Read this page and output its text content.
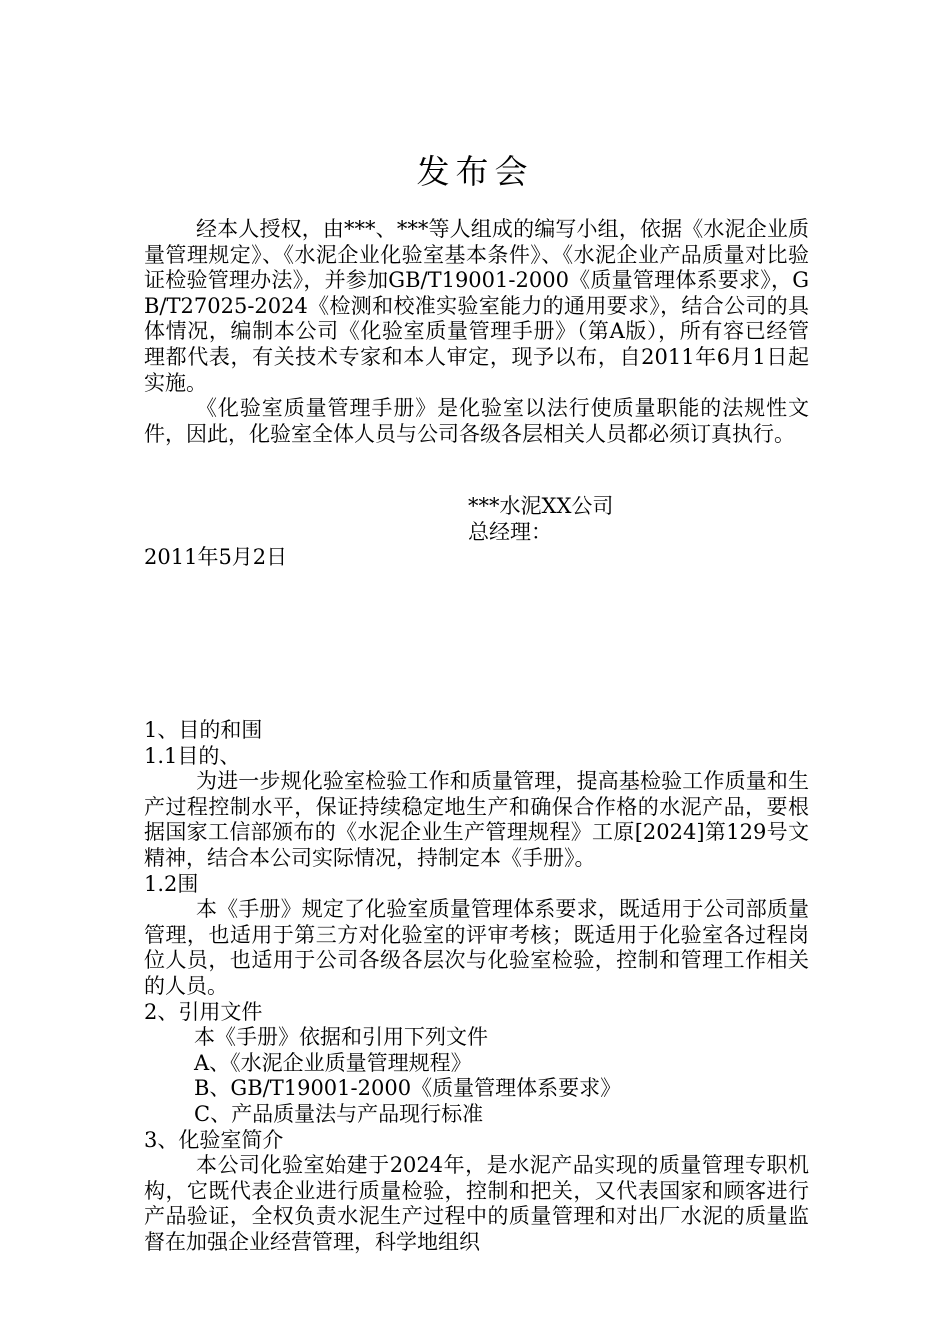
发布会

经本人授权，由***、***等人组成的编写小组，依据《水泥企业质量管理规定》、《水泥企业化验室基本条件》、《水泥企业产品质量对比验证检验管理办法》，并参加GB/T19001-2000《质量管理体系要求》，GB/T27025-2024《检测和校准实验室能力的通用要求》，结合公司的具体情况，编制本公司《化验室质量管理手册》（第A版），所有容已经管理都代表，有关技术专家和本人审定，现予以布，自2011年6月1日起实施。

《化验室质量管理手册》是化验室以法行使质量职能的法规性文件，因此，化验室全体人员与公司各级各层相关人员都必须订真执行。

***水泥XX公司
总经理：
2011年5月2日

1、目的和围

1.1目的、

为进一步规化验室检验工作和质量管理，提高基检验工作质量和生产过程控制水平，保证持续稳定地生产和确保合作格的水泥产品，要根据国家工信部颁布的《水泥企业生产管理规程》工原[2024]第129号文精神，结合本公司实际情况，持制定本《手册》。

1.2围

本《手册》规定了化验室质量管理体系要求，既适用于公司部质量管理，也适用于第三方对化验室的评审考核；既适用于化验室各过程岗位人员，也适用于公司各级各层次与化验室检验，控制和管理工作相关的人员。

2、引用文件

本《手册》依据和引用下列文件

A、《水泥企业质量管理规程》

B、GB/T19001-2000《质量管理体系要求》

C、产品质量法与产品现行标准

3、化验室简介

本公司化验室始建于2024年，是水泥产品实现的质量管理专职机构，它既代表企业进行质量检验，控制和把关，又代表国家和顾客进行产品验证，全权负责水泥生产过程中的质量管理和对出厂水泥的质量监督在加强企业经营管理，科学地组织
